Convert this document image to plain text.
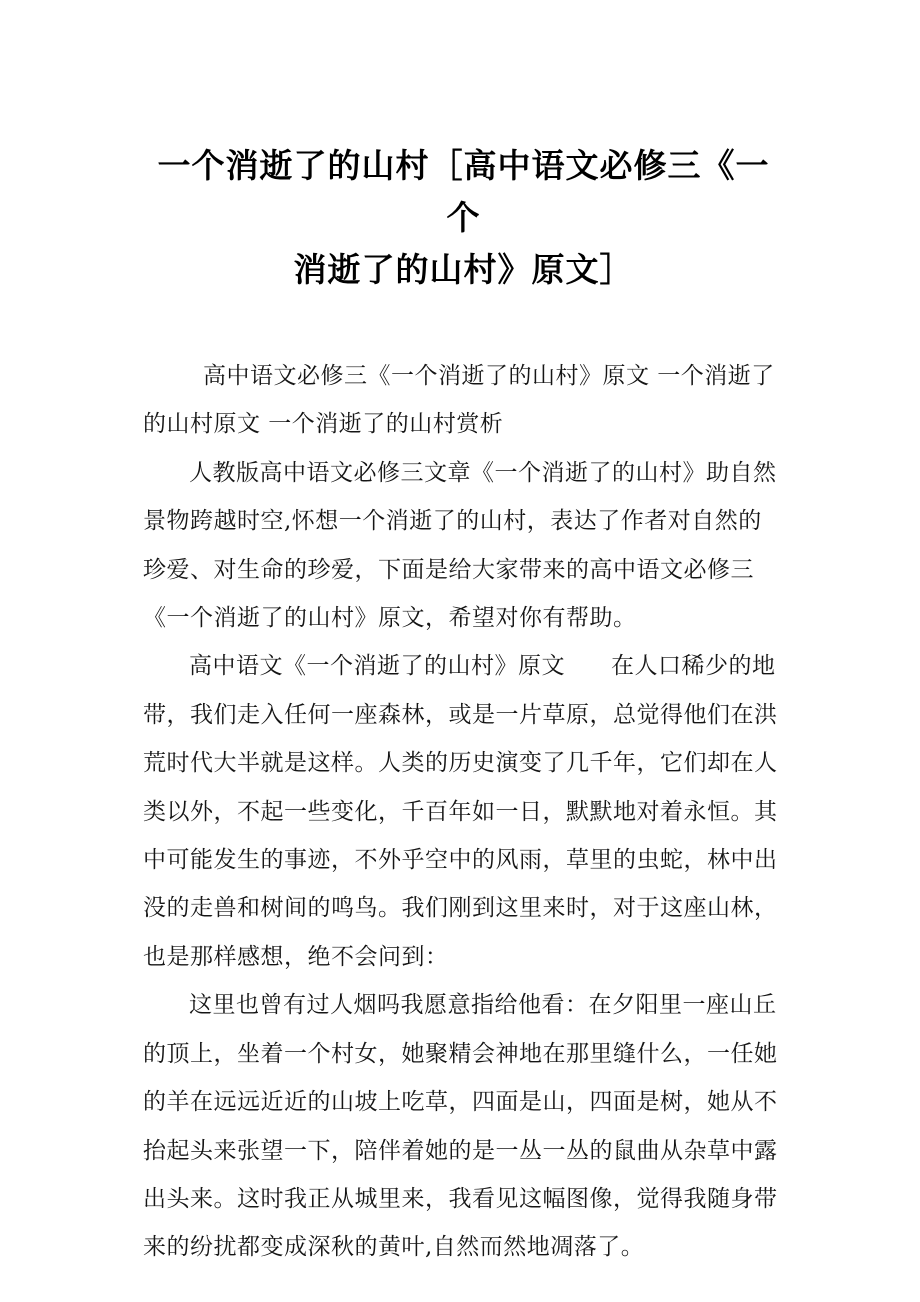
一个消逝了的山村［高中语文必修三《一个
消逝了的山村》原文］

高中语文必修三《一个消逝了的山村》原文 一个消逝了的山村原文 一个消逝了的山村赏析

人教版高中语文必修三文章《一个消逝了的山村》助自然景物跨越时空,怀想一个消逝了的山村，表达了作者对自然的珍爱、对生命的珍爱，下面是给大家带来的高中语文必修三《一个消逝了的山村》原文，希望对你有帮助。

高中语文《一个消逝了的山村》原文 在人口稀少的地带，我们走入任何一座森林，或是一片草原，总觉得他们在洪荒时代大半就是这样。人类的历史演变了几千年，它们却在人类以外，不起一些变化，千百年如一日，默默地对着永恒。其中可能发生的事迹，不外乎空中的风雨，草里的虫蛇，林中出没的走兽和树间的鸣鸟。我们刚到这里来时，对于这座山林，也是那样感想，绝不会问到：

这里也曾有过人烟吗我愿意指给他看：在夕阳里一座山丘的顶上，坐着一个村女，她聚精会神地在那里缝什么，一任她的羊在远远近近的山坡上吃草，四面是山，四面是树，她从不抬起头来张望一下，陪伴着她的是一丛一丛的鼠曲从杂草中露出头来。这时我正从城里来，我看见这幅图像，觉得我随身带来的纷扰都变成深秋的黄叶,自然而然地凋落了。
